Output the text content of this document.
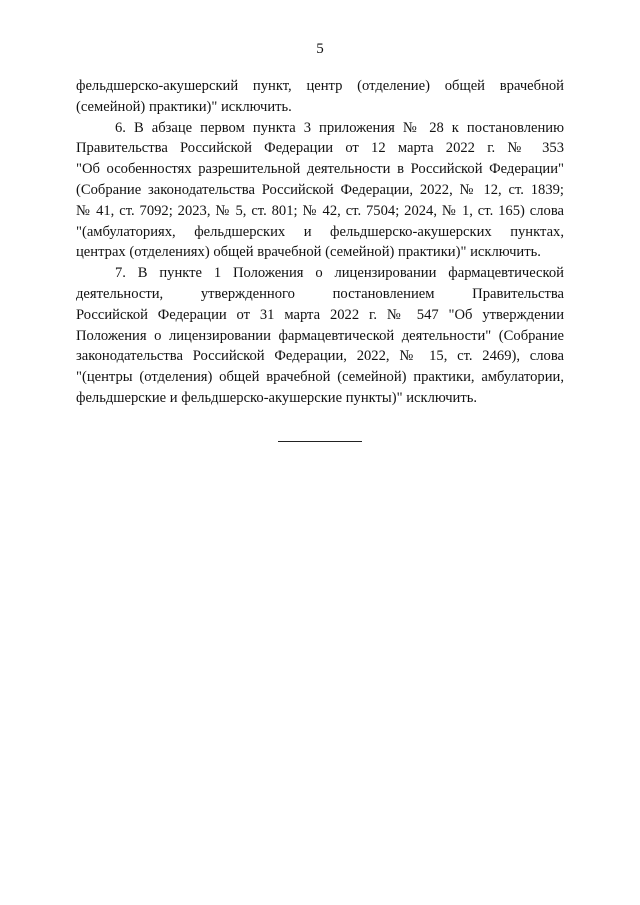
5

фельдшерско-акушерский пункт, центр (отделение) общей врачебной
(семейной) практики)" исключить.

6. В абзаце первом пункта 3 приложения № 28 к постановлению
Правительства Российской Федерации от 12 марта 2022 г. № 353
"Об особенностях разрешительной деятельности в Российской Федерации"
(Собрание законодательства Российской Федерации, 2022, № 12, ст. 1839;
№ 41, ст. 7092; 2023, № 5, ст. 801; № 42, ст. 7504; 2024, № 1, ст. 165) слова
"(амбулаториях, фельдшерских и фельдшерско-акушерских пунктах,
центрах (отделениях) общей врачебной (семейной) практики)" исключить.

7. В пункте 1 Положения о лицензировании фармацевтической
деятельности, утвержденного постановлением Правительства
Российской Федерации от 31 марта 2022 г. № 547 "Об утверждении
Положения о лицензировании фармацевтической деятельности" (Собрание
законодательства Российской Федерации, 2022, № 15, ст. 2469), слова
"(центры (отделения) общей врачебной (семейной) практики, амбулатории,
фельдшерские и фельдшерско-акушерские пункты)" исключить.
